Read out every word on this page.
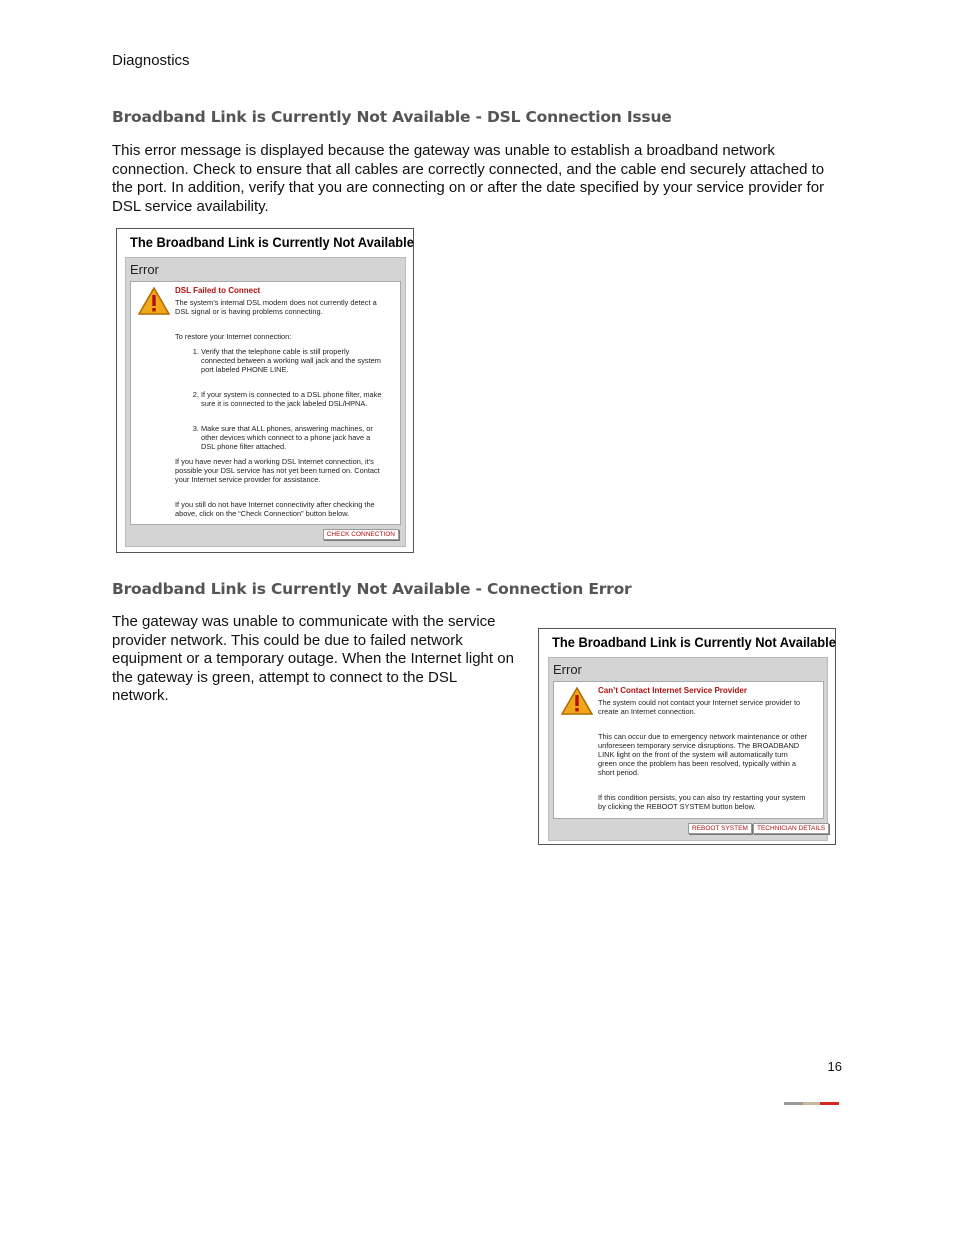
Diagnostics
Broadband Link is Currently Not Available - DSL Connection Issue

This error message is displayed because the gateway was unable to establish a broadband network
connection. Check to ensure that all cables are correctly connected, and the cable end securely attached to
the port. In addition, verify that you are connecting on or after the date specified by your service provider for
DSL service availability.

The Broadband Link is Currently Not Available
Error
DSL Failed to Connect

The system’s internal DSL modem does not currently detect a
DSL signal or is having problems connecting.

To restore your Internet connection:

1. Verify that the telephone cable is still properly
connected between a working wall jack and the system
port labeled PHONE LINE.
2. If your system is connected to a DSL phone filter, make
sure it is connected to the jack labeled DSL/HPNA.
3. Make sure that ALL phones, answering machines, or
other devices which connect to a phone jack have a
DSL phone filter attached.

If you have never had a working DSL Internet connection, it’s
possible your DSL service has not yet been turned on. Contact
your Internet service provider for assistance.

If you still do not have Internet connectivity after checking the
above, click on the “Check Connection” button below.

CHECK CONNECTION
Broadband Link is Currently Not Available - Connection Error

The gateway was unable to communicate with the service
provider network. This could be due to failed network
equipment or a temporary outage. When the Internet light on
the gateway is green, attempt to connect to the DSL
network.

The Broadband Link is Currently Not Available
Error
Can’t Contact Internet Service Provider

The system could not contact your Internet service provider to
create an Internet connection.

This can occur due to emergency network maintenance or other
unforeseen temporary service disruptions. The BROADBAND
LINK light on the front of the system will automatically turn
green once the problem has been resolved, typically within a
short period.

If this condition persists, you can also try restarting your system
by clicking the REBOOT SYSTEM button below.

REBOOT SYSTEM	TECHNICIAN DETAILS
16
